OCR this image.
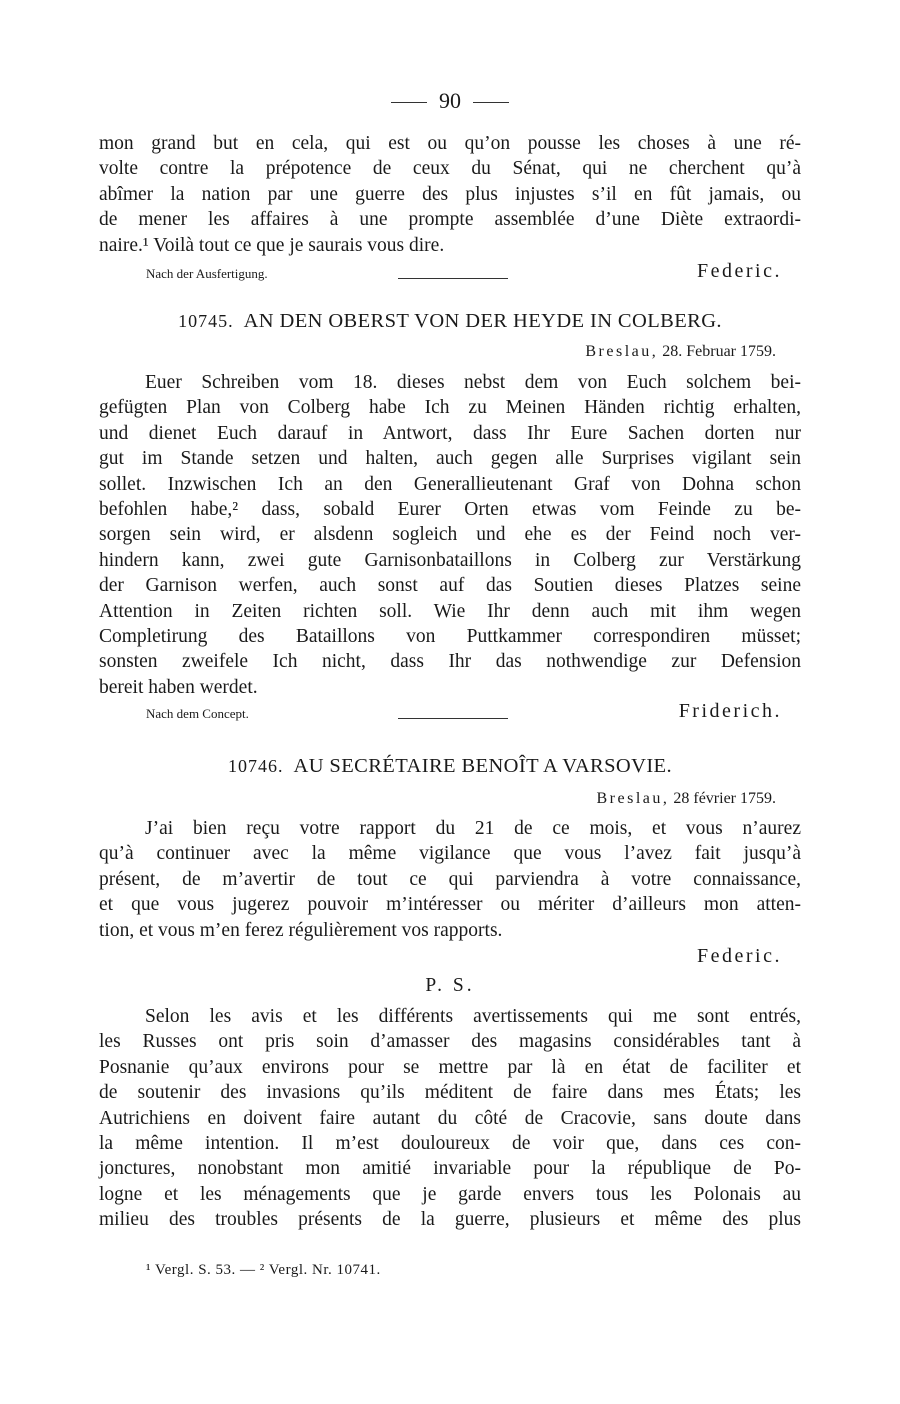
90

mon grand but en cela, qui est ou qu’on pousse les choses à une ré-
volte contre la prépotence de ceux du Sénat, qui ne cherchent qu’à
abîmer la nation par une guerre des plus injustes s’il en fût jamais, ou
de mener les affaires à une prompte assemblée d’une Diète extraordi-
naire.¹ Voilà tout ce que je saurais vous dire.

Nach der Ausfertigung.	Federic.
10745. AN DEN OBERST VON DER HEYDE IN COLBERG.
Breslau, 28. Februar 1759.

Euer Schreiben vom 18. dieses nebst dem von Euch solchem bei-
gefügten Plan von Colberg habe Ich zu Meinen Händen richtig erhalten,
und dienet Euch darauf in Antwort, dass Ihr Eure Sachen dorten nur
gut im Stande setzen und halten, auch gegen alle Surprises vigilant sein
sollet. Inzwischen Ich an den Generallieutenant Graf von Dohna schon
befohlen habe,² dass, sobald Eurer Orten etwas vom Feinde zu be-
sorgen sein wird, er alsdenn sogleich und ehe es der Feind noch ver-
hindern kann, zwei gute Garnisonbataillons in Colberg zur Verstärkung
der Garnison werfen, auch sonst auf das Soutien dieses Platzes seine
Attention in Zeiten richten soll. Wie Ihr denn auch mit ihm wegen
Completirung des Bataillons von Puttkammer correspondiren müsset;
sonsten zweifele Ich nicht, dass Ihr das nothwendige zur Defension
bereit haben werdet.

Nach dem Concept.	Friderich.
10746. AU SECRÉTAIRE BENOÎT A VARSOVIE.
Breslau, 28 février 1759.

J’ai bien reçu votre rapport du 21 de ce mois, et vous n’aurez
qu’à continuer avec la même vigilance que vous l’avez fait jusqu’à
présent, de m’avertir de tout ce qui parviendra à votre connaissance,
et que vous jugerez pouvoir m’intéresser ou mériter d’ailleurs mon atten-
tion, et vous m’en ferez régulièrement vos rapports.

Federic.
P. S.

Selon les avis et les différents avertissements qui me sont entrés,
les Russes ont pris soin d’amasser des magasins considérables tant à
Posnanie qu’aux environs pour se mettre par là en état de faciliter et
de soutenir des invasions qu’ils méditent de faire dans mes États; les
Autrichiens en doivent faire autant du côté de Cracovie, sans doute dans
la même intention. Il m’est douloureux de voir que, dans ces con-
jonctures, nonobstant mon amitié invariable pour la république de Po-
logne et les ménagements que je garde envers tous les Polonais au
milieu des troubles présents de la guerre, plusieurs et même des plus

¹ Vergl. S. 53. — ² Vergl. Nr. 10741.
